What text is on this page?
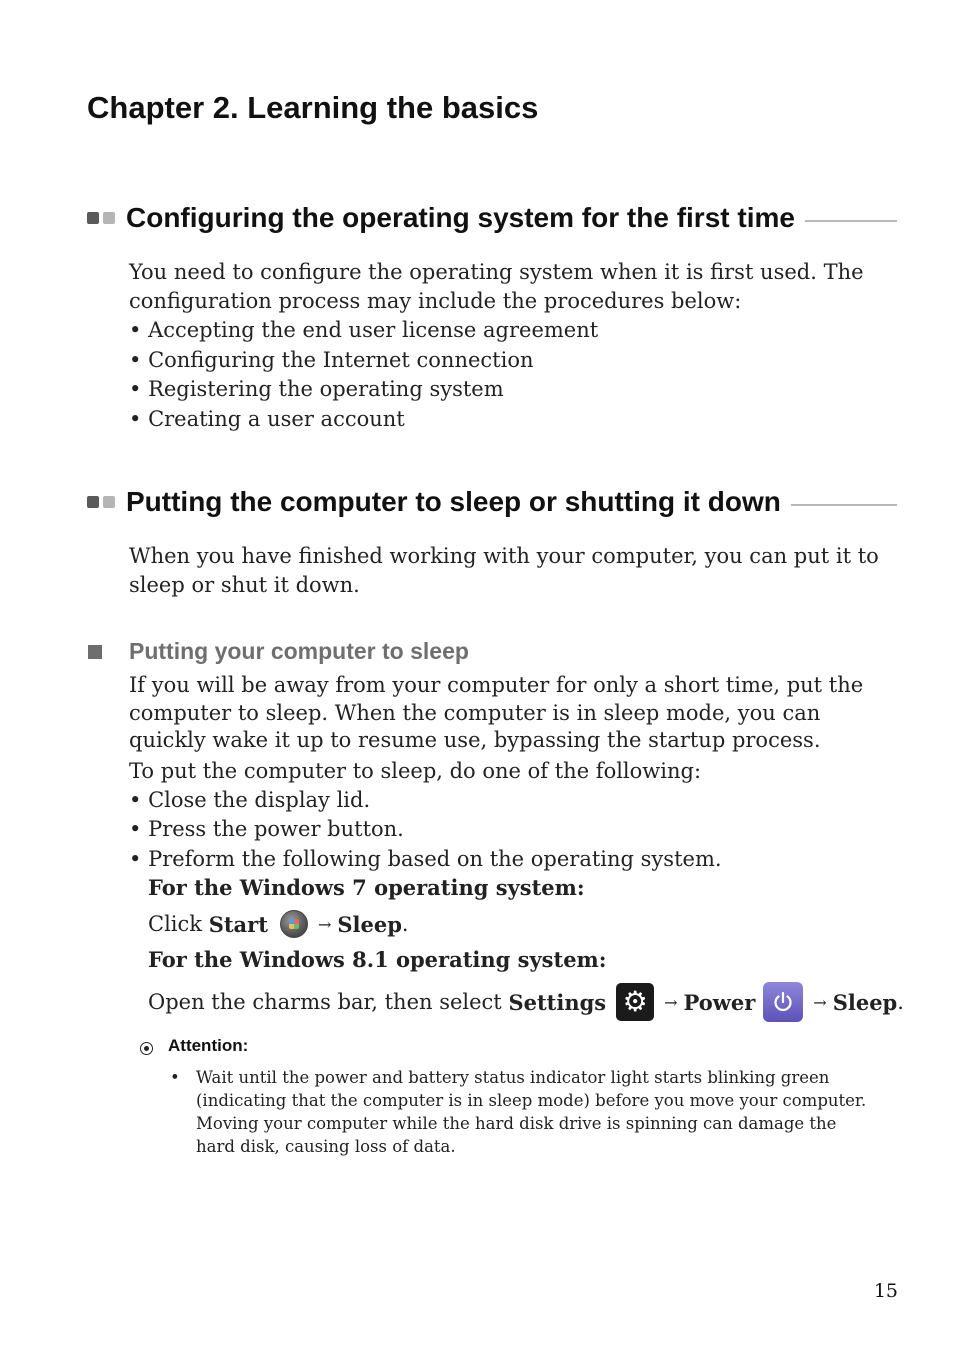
Chapter 2. Learning the basics
Configuring the operating system for the first time

You need to configure the operating system when it is first used. The configuration process may include the procedures below:

• Accepting the end user license agreement
• Configuring the Internet connection
• Registering the operating system
• Creating a user account
Putting the computer to sleep or shutting it down

When you have finished working with your computer, you can put it to sleep or shut it down.

Putting your computer to sleep

If you will be away from your computer for only a short time, put the computer to sleep. When the computer is in sleep mode, you can quickly wake it up to resume use, bypassing the startup process.

To put the computer to sleep, do one of the following:

• Close the display lid.
• Press the power button.
• Preform the following based on the operating system.
For the Windows 7 operating system:
Click
Start	→ Sleep .
For the Windows 8.1 operating system:
Open the charms bar, then select
Settings ⚙	→ Power	→ Sleep .
Attention:
• Wait until the power and battery status indicator light starts blinking green (indicating that the computer is in sleep mode) before you move your computer. Moving your computer while the hard disk drive is spinning can damage the hard disk, causing loss of data.
15
